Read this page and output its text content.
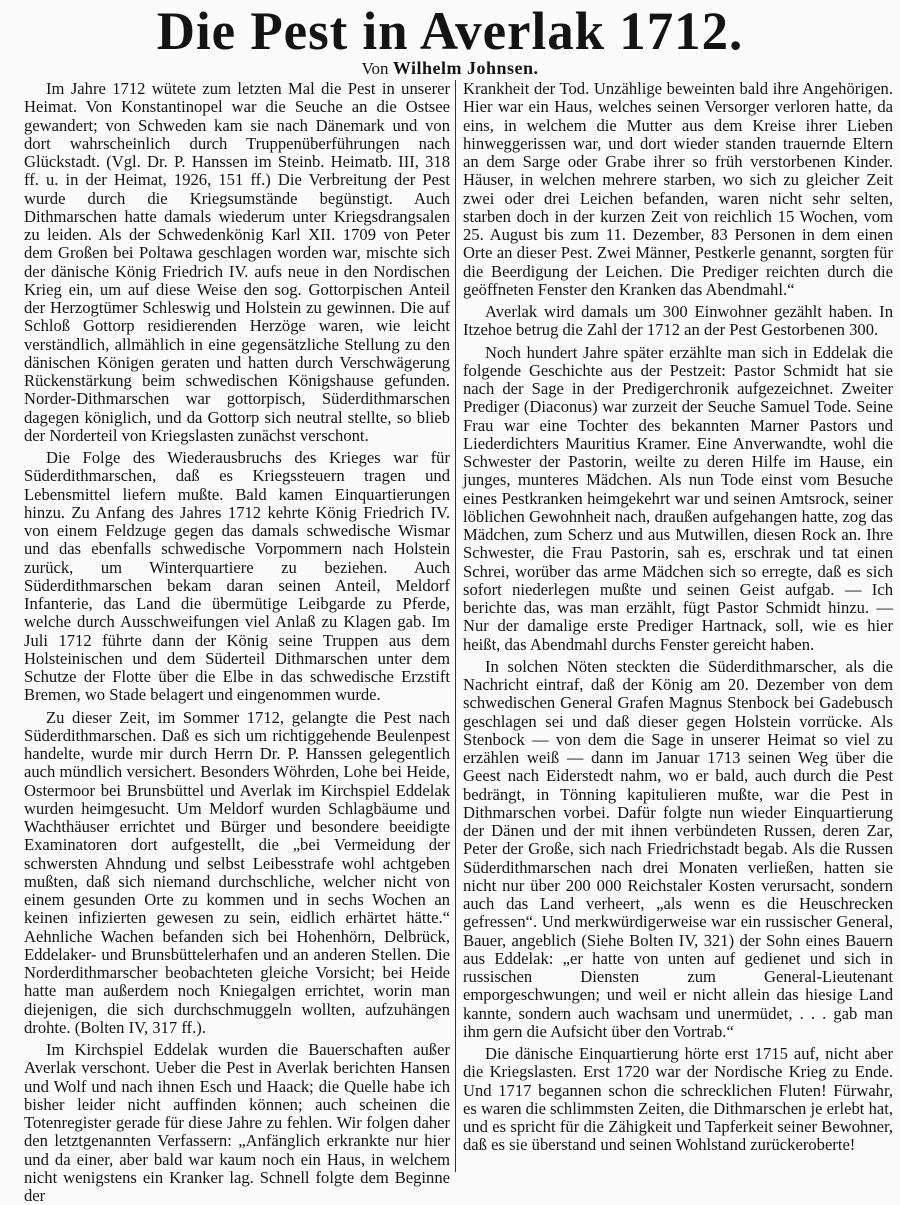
Die Pest in Averlak 1712.
Von Wilhelm Johnsen.

Im Jahre 1712 wütete zum letzten Mal die Pest in unserer Heimat. Von Konstantinopel war die Seuche an die Ostsee gewandert; von Schweden kam sie nach Dänemark und von dort wahrscheinlich durch Truppenüberführungen nach Glückstadt. (Vgl. Dr. P. Hanssen im Steinb. Heimatb. III, 318 ff. u. in der Heimat, 1926, 151 ff.) Die Verbreitung der Pest wurde durch die Kriegsumstände begünstigt. Auch Dithmarschen hatte damals wiederum unter Kriegsdrangsalen zu leiden. Als der Schwedenkönig Karl XII. 1709 von Peter dem Großen bei Poltawa geschlagen worden war, mischte sich der dänische König Friedrich IV. aufs neue in den Nordischen Krieg ein, um auf diese Weise den sog. Gottorpischen Anteil der Herzogtümer Schleswig und Holstein zu gewinnen. Die auf Schloß Gottorp residierenden Herzöge waren, wie leicht verständlich, allmählich in eine gegensätzliche Stellung zu den dänischen Königen geraten und hatten durch Verschwägerung Rückenstärkung beim schwedischen Königshause gefunden. Norder-Dithmarschen war gottorpisch, Süderdithmarschen dagegen königlich, und da Gottorp sich neutral stellte, so blieb der Norderteil von Kriegslasten zunächst verschont.

Die Folge des Wiederausbruchs des Krieges war für Süderdithmarschen, daß es Kriegssteuern tragen und Lebensmittel liefern mußte. Bald kamen Einquartierungen hinzu. Zu Anfang des Jahres 1712 kehrte König Friedrich IV. von einem Feldzuge gegen das damals schwedische Wismar und das ebenfalls schwedische Vorpommern nach Holstein zurück, um Winterquartiere zu beziehen. Auch Süderdithmarschen bekam daran seinen Anteil, Meldorf Infanterie, das Land die übermütige Leibgarde zu Pferde, welche durch Ausschweifungen viel Anlaß zu Klagen gab. Im Juli 1712 führte dann der König seine Truppen aus dem Holsteinischen und dem Süderteil Dithmarschen unter dem Schutze der Flotte über die Elbe in das schwedische Erzstift Bremen, wo Stade belagert und eingenommen wurde.

Zu dieser Zeit, im Sommer 1712, gelangte die Pest nach Süderdithmarschen. Daß es sich um richtiggehende Beulenpest handelte, wurde mir durch Herrn Dr. P. Hanssen gelegentlich auch mündlich versichert. Besonders Wöhrden, Lohe bei Heide, Ostermoor bei Brunsbüttel und Averlak im Kirchspiel Eddelak wurden heimgesucht. Um Meldorf wurden Schlagbäume und Wachthäuser errichtet und Bürger und besondere beeidigte Examinatoren dort aufgestellt, die „bei Vermeidung der schwersten Ahndung und selbst Leibesstrafe wohl achtgeben mußten, daß sich niemand durchschliche, welcher nicht von einem gesunden Orte zu kommen und in sechs Wochen an keinen infizierten gewesen zu sein, eidlich erhärtet hätte.“ Aehnliche Wachen befanden sich bei Hohenhörn, Delbrück, Eddelaker- und Brunsbüttelerhafen und an anderen Stellen. Die Norderdithmarscher beobachteten gleiche Vorsicht; bei Heide hatte man außerdem noch Kniegalgen errichtet, worin man diejenigen, die sich durchschmuggeln wollten, aufzuhängen drohte. (Bolten IV, 317 ff.).

Im Kirchspiel Eddelak wurden die Bauerschaften außer Averlak verschont. Ueber die Pest in Averlak berichten Hansen und Wolf und nach ihnen Esch und Haack; die Quelle habe ich bisher leider nicht auffinden können; auch scheinen die Totenregister gerade für diese Jahre zu fehlen. Wir folgen daher den letztgenannten Verfassern: „Anfänglich erkrankte nur hier und da einer, aber bald war kaum noch ein Haus, in welchem nicht wenigstens ein Kranker lag. Schnell folgte dem Beginne der

Krankheit der Tod. Unzählige beweinten bald ihre Angehörigen. Hier war ein Haus, welches seinen Versorger verloren hatte, da eins, in welchem die Mutter aus dem Kreise ihrer Lieben hinweggerissen war, und dort wieder standen trauernde Eltern an dem Sarge oder Grabe ihrer so früh verstorbenen Kinder. Häuser, in welchen mehrere starben, wo sich zu gleicher Zeit zwei oder drei Leichen befanden, waren nicht sehr selten, starben doch in der kurzen Zeit von reichlich 15 Wochen, vom 25. August bis zum 11. Dezember, 83 Personen in dem einen Orte an dieser Pest. Zwei Männer, Pestkerle genannt, sorgten für die Beerdigung der Leichen. Die Prediger reichten durch die geöffneten Fenster den Kranken das Abendmahl.“

Averlak wird damals um 300 Einwohner gezählt haben. In Itzehoe betrug die Zahl der 1712 an der Pest Gestorbenen 300.

Noch hundert Jahre später erzählte man sich in Eddelak die folgende Geschichte aus der Pestzeit: Pastor Schmidt hat sie nach der Sage in der Predigerchronik aufgezeichnet. Zweiter Prediger (Diaconus) war zurzeit der Seuche Samuel Tode. Seine Frau war eine Tochter des bekannten Marner Pastors und Liederdichters Mauritius Kramer. Eine Anverwandte, wohl die Schwester der Pastorin, weilte zu deren Hilfe im Hause, ein junges, munteres Mädchen. Als nun Tode einst vom Besuche eines Pestkranken heimgekehrt war und seinen Amtsrock, seiner löblichen Gewohnheit nach, draußen aufgehangen hatte, zog das Mädchen, zum Scherz und aus Mutwillen, diesen Rock an. Ihre Schwester, die Frau Pastorin, sah es, erschrak und tat einen Schrei, worüber das arme Mädchen sich so erregte, daß es sich sofort niederlegen mußte und seinen Geist aufgab. — Ich berichte das, was man erzählt, fügt Pastor Schmidt hinzu. — Nur der damalige erste Prediger Hartnack, soll, wie es hier heißt, das Abendmahl durchs Fenster gereicht haben.

In solchen Nöten steckten die Süderdithmarscher, als die Nachricht eintraf, daß der König am 20. Dezember von dem schwedischen General Grafen Magnus Stenbock bei Gadebusch geschlagen sei und daß dieser gegen Holstein vorrücke. Als Stenbock — von dem die Sage in unserer Heimat so viel zu erzählen weiß — dann im Januar 1713 seinen Weg über die Geest nach Eiderstedt nahm, wo er bald, auch durch die Pest bedrängt, in Tönning kapitulieren mußte, war die Pest in Dithmarschen vorbei. Dafür folgte nun wieder Einquartierung der Dänen und der mit ihnen verbündeten Russen, deren Zar, Peter der Große, sich nach Friedrichstadt begab. Als die Russen Süderdithmarschen nach drei Monaten verließen, hatten sie nicht nur über 200 000 Reichstaler Kosten verursacht, sondern auch das Land verheert, „als wenn es die Heuschrecken gefressen“. Und merkwürdigerweise war ein russischer General, Bauer, angeblich (Siehe Bolten IV, 321) der Sohn eines Bauern aus Eddelak: „er hatte von unten auf gedienet und sich in russischen Diensten zum General-Lieutenant emporgeschwungen; und weil er nicht allein das hiesige Land kannte, sondern auch wachsam und unermüdet, . . . gab man ihm gern die Aufsicht über den Vortrab.“

Die dänische Einquartierung hörte erst 1715 auf, nicht aber die Kriegslasten. Erst 1720 war der Nordische Krieg zu Ende. Und 1717 begannen schon die schrecklichen Fluten! Fürwahr, es waren die schlimmsten Zeiten, die Dithmarschen je erlebt hat, und es spricht für die Zähigkeit und Tapferkeit seiner Bewohner, daß es sie überstand und seinen Wohlstand zurückeroberte!
